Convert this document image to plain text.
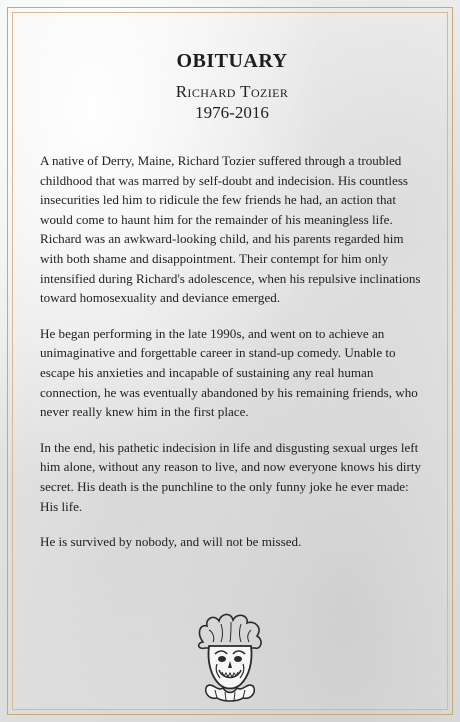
OBITUARY
Richard Tozier
1976-2016

A native of Derry, Maine, Richard Tozier suffered through a troubled childhood that was marred by self-doubt and indecision. His countless insecurities led him to ridicule the few friends he had, an action that would come to haunt him for the remainder of his meaningless life. Richard was an awkward-looking child, and his parents regarded him with both shame and disappointment. Their contempt for him only intensified during Richard's adolescence, when his repulsive inclinations toward homosexuality and deviance emerged.

He began performing in the late 1990s, and went on to achieve an unimaginative and forgettable career in stand-up comedy. Unable to escape his anxieties and incapable of sustaining any real human connection, he was eventually abandoned by his remaining friends, who never really knew him in the first place.

In the end, his pathetic indecision in life and disgusting sexual urges left him alone, without any reason to live, and now everyone knows his dirty secret. His death is the punchline to the only funny joke he ever made: His life.

He is survived by nobody, and will not be missed.
